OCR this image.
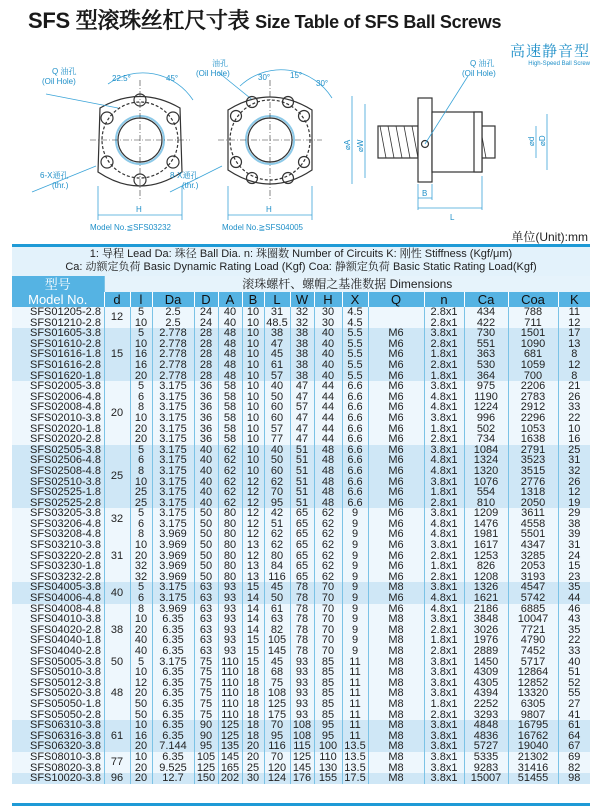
SFS 型滚珠丝杠尺寸表 Size Table of SFS Ball Screws
高速静音型
High-Speed Ball Screw
Q 油孔
(Oil Hole)	22.5°	45°
6-X通孔
(thr.)
H
Model No.≦SFS03232
油孔
(Oil Hole)	30° 15°
30°
8-X通孔
(thr.)
H
Model No.≧SFS04005
Q 油孔
(Oil Hole)
⌀A ⌀W	⌀d ⌀D
B
L
单位(Unit):mm
1: 导程 Lead Da: 珠径 Ball Dia. n: 珠圈数 Number of Circuits K: 刚性 Stiffness (Kgf/μm)
Ca: 动额定负荷 Basic Dynamic Rating Load (Kgf) Coa: 静额定负荷 Basic Static Rating Load(Kgf)
型号
Model No.	滚珠螺杆、螺帽之基准数据 Dimensions														
	d	l	Da	D	A	B	L	W	H	X	Q	n	Ca	Coa	K
SFS01205-2.8	12	5	2.5	24	40	10	31	32	30	4.5		2.8x1	434	788	11
SFS01210-2.8		10	2.5	24	40	10	48.5	32	30	4.5		2.8x1	422	711	12
SFS01605-3.8	15	5	2.778	28	48	10	38	38	40	5.5	M6	3.8x1	730	1501	17
SFS01610-2.8		10	2.778	28	48	10	47	38	40	5.5	M6	2.8x1	551	1090	13
SFS01616-1.8		16	2.778	28	48	10	45	38	40	5.5	M6	1.8x1	363	681	8
SFS01616-2.8		16	2.778	28	48	10	61	38	40	5.5	M6	2.8x1	530	1059	12
SFS01620-1.8		20	2.778	28	48	10	57	38	40	5.5	M6	1.8x1	364	700	8
SFS02005-3.8	20	5	3.175	36	58	10	40	47	44	6.6	M6	3.8x1	975	2206	21
SFS02006-4.8		6	3.175	36	58	10	50	47	44	6.6	M6	4.8x1	1190	2783	26
SFS02008-4.8		8	3.175	36	58	10	60	57	44	6.6	M6	4.8x1	1224	2912	33
SFS02010-3.8		10	3.175	36	58	10	60	47	44	6.6	M6	3.8x1	996	2296	22
SFS02020-1.8		20	3.175	36	58	10	57	47	44	6.6	M6	1.8x1	502	1053	10
SFS02020-2.8		20	3.175	36	58	10	77	47	44	6.6	M6	2.8x1	734	1638	16
SFS02505-3.8	25	5	3.175	40	62	10	40	51	48	6.6	M6	3.8x1	1084	2791	25
SFS02506-4.8		6	3.175	40	62	10	50	51	48	6.6	M6	4.8x1	1324	3523	31
SFS02508-4.8		8	3.175	40	62	10	60	51	48	6.6	M6	4.8x1	1320	3515	32
SFS02510-3.8		10	3.175	40	62	12	62	51	48	6.6	M6	3.8x1	1076	2776	26
SFS02525-1.8		25	3.175	40	62	12	70	51	48	6.6	M6	1.8x1	554	1318	12
SFS02525-2.8		25	3.175	40	62	12	95	51	48	6.6	M6	2.8x1	810	2050	19
SFS03205-3.8	32	5	3.175	50	80	12	42	65	62	9	M6	3.8x1	1209	3611	29
SFS03206-4.8		6	3.175	50	80	12	51	65	62	9	M6	4.8x1	1476	4558	38
SFS03208-4.8	31	8	3.969	50	80	12	62	65	62	9	M6	4.8x1	1981	5501	39
SFS03210-3.8		10	3.969	50	80	13	62	65	62	9	M6	3.8x1	1617	4347	31
SFS03220-2.8		20	3.969	50	80	12	80	65	62	9	M6	2.8x1	1253	3285	24
SFS03230-1.8		32	3.969	50	80	13	84	65	62	9	M6	1.8x1	826	2053	15
SFS03232-2.8		32	3.969	50	80	13	116	65	62	9	M6	2.8x1	1208	3193	23
SFS04005-3.8	40	5	3.175	63	93	15	45	78	70	9	M8	3.8x1	1326	4547	35
SFS04006-4.8		6	3.175	63	93	14	50	78	70	9	M6	4.8x1	1621	5742	44
SFS04008-4.8	38	8	3.969	63	93	14	61	78	70	9	M6	4.8x1	2186	6885	46
SFS04010-3.8		10	6.35	63	93	14	63	78	70	9	M8	3.8x1	3848	10047	43
SFS04020-2.8		20	6.35	63	93	14	82	78	70	9	M8	2.8x1	3026	7721	35
SFS04040-1.8		40	6.35	63	93	15	105	78	70	9	M8	1.8x1	1976	4790	22
SFS04040-2.8		40	6.35	63	93	15	145	78	70	9	M8	2.8x1	2889	7452	33
SFS05005-3.8	50	5	3.175	75	110	15	45	93	85	11	M8	3.8x1	1450	5717	40
SFS05010-3.8	48	10	6.35	75	110	18	68	93	85	11	M8	3.8x1	4309	12864	51
SFS05012-3.8		12	6.35	75	110	18	75	93	85	11	M8	3.8x1	4305	12852	52
SFS05020-3.8		20	6.35	75	110	18	108	93	85	11	M8	3.8x1	4394	13320	55
SFS05050-1.8		50	6.35	75	110	18	125	93	85	11	M8	1.8x1	2252	6305	27
SFS05050-2.8		50	6.35	75	110	18	175	93	85	11	M8	2.8x1	3293	9807	41
SFS06310-3.8	61	10	6.35	90	125	18	70	108	95	11	M8	3.8x1	4848	16795	61
SFS06316-3.8		16	6.35	90	125	18	95	108	95	11	M8	3.8x1	4836	16762	64
SFS06320-3.8		20	7.144	95	135	20	116	115	100	13.5	M8	3.8x1	5727	19040	67
SFS08010-3.8	77	10	6.35	105	145	20	70	125	110	13.5	M8	3.8x1	5335	21302	69
SFS08020-3.8		20	9.525	125	165	25	120	145	130	13.5	M8	3.8x1	9283	31416	82
SFS10020-3.8	96	20	12.7	150	202	30	124	176	155	17.5	M8	3.8x1	15007	51455	98
